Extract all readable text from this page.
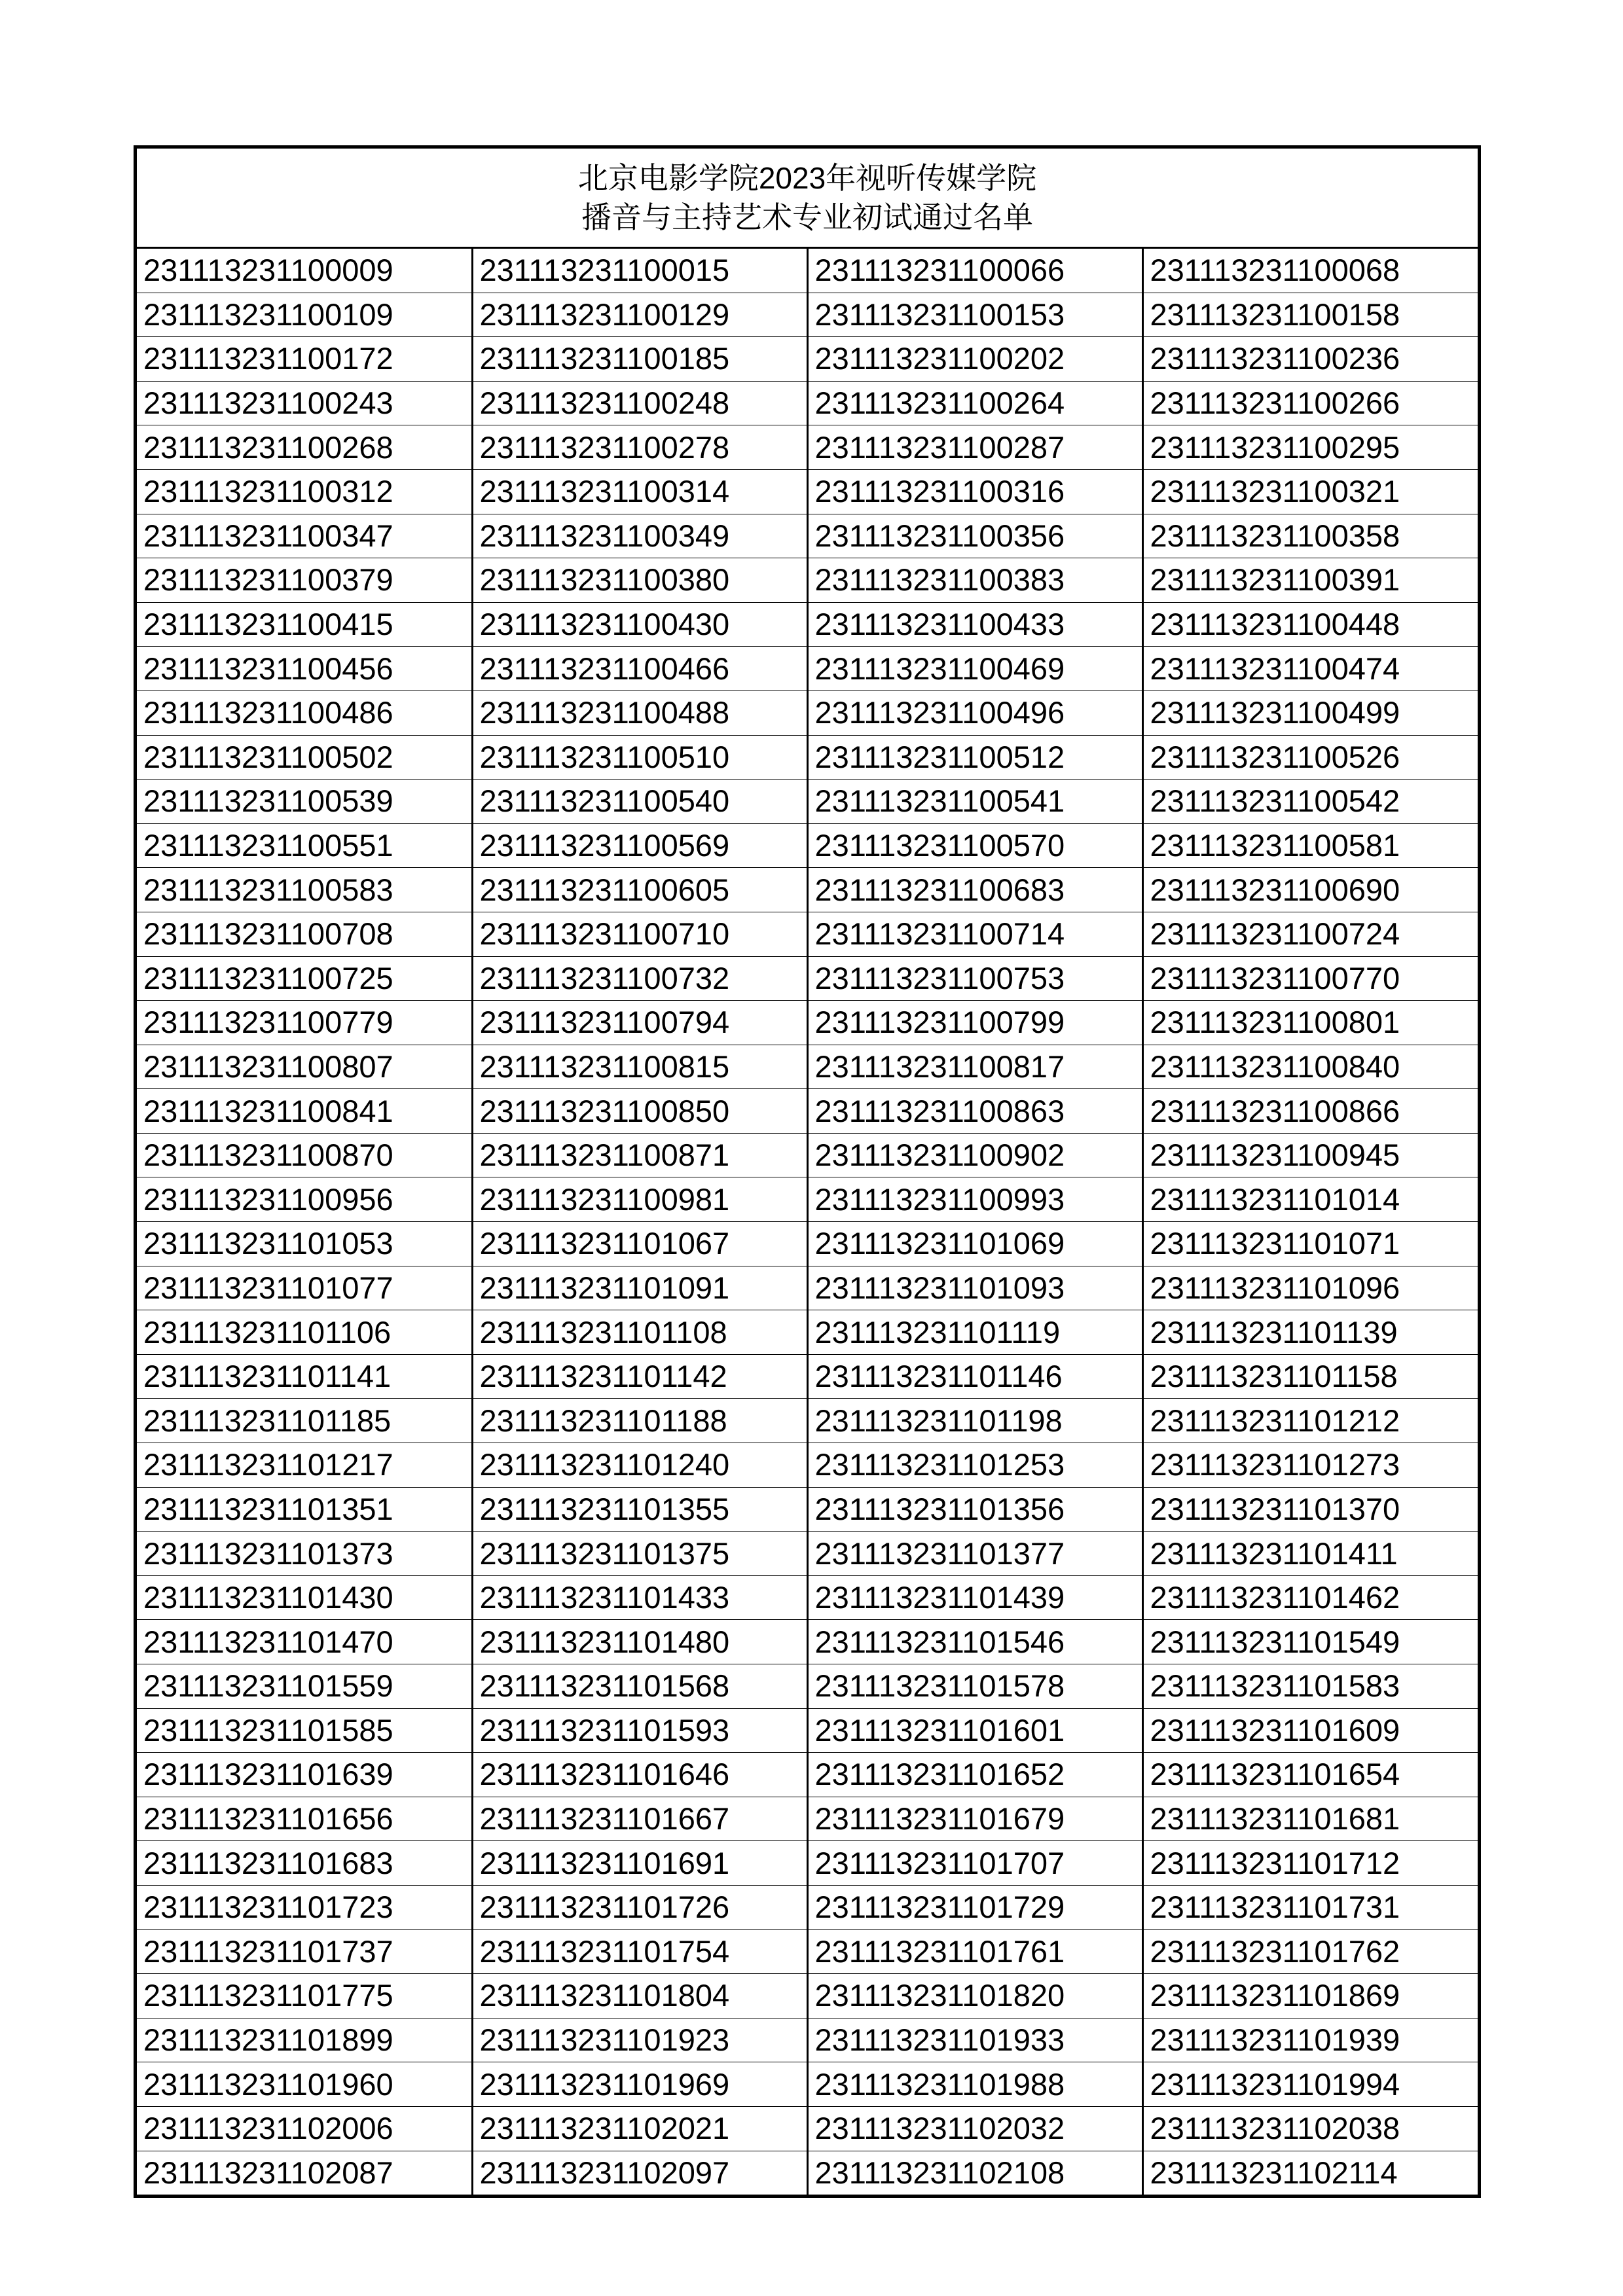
北京电影学院2023年视听传媒学院
播音与主持艺术专业初试通过名单
231113231100009	231113231100015	231113231100066	231113231100068
231113231100109	231113231100129	231113231100153	231113231100158
231113231100172	231113231100185	231113231100202	231113231100236
231113231100243	231113231100248	231113231100264	231113231100266
231113231100268	231113231100278	231113231100287	231113231100295
231113231100312	231113231100314	231113231100316	231113231100321
231113231100347	231113231100349	231113231100356	231113231100358
231113231100379	231113231100380	231113231100383	231113231100391
231113231100415	231113231100430	231113231100433	231113231100448
231113231100456	231113231100466	231113231100469	231113231100474
231113231100486	231113231100488	231113231100496	231113231100499
231113231100502	231113231100510	231113231100512	231113231100526
231113231100539	231113231100540	231113231100541	231113231100542
231113231100551	231113231100569	231113231100570	231113231100581
231113231100583	231113231100605	231113231100683	231113231100690
231113231100708	231113231100710	231113231100714	231113231100724
231113231100725	231113231100732	231113231100753	231113231100770
231113231100779	231113231100794	231113231100799	231113231100801
231113231100807	231113231100815	231113231100817	231113231100840
231113231100841	231113231100850	231113231100863	231113231100866
231113231100870	231113231100871	231113231100902	231113231100945
231113231100956	231113231100981	231113231100993	231113231101014
231113231101053	231113231101067	231113231101069	231113231101071
231113231101077	231113231101091	231113231101093	231113231101096
231113231101106	231113231101108	231113231101119	231113231101139
231113231101141	231113231101142	231113231101146	231113231101158
231113231101185	231113231101188	231113231101198	231113231101212
231113231101217	231113231101240	231113231101253	231113231101273
231113231101351	231113231101355	231113231101356	231113231101370
231113231101373	231113231101375	231113231101377	231113231101411
231113231101430	231113231101433	231113231101439	231113231101462
231113231101470	231113231101480	231113231101546	231113231101549
231113231101559	231113231101568	231113231101578	231113231101583
231113231101585	231113231101593	231113231101601	231113231101609
231113231101639	231113231101646	231113231101652	231113231101654
231113231101656	231113231101667	231113231101679	231113231101681
231113231101683	231113231101691	231113231101707	231113231101712
231113231101723	231113231101726	231113231101729	231113231101731
231113231101737	231113231101754	231113231101761	231113231101762
231113231101775	231113231101804	231113231101820	231113231101869
231113231101899	231113231101923	231113231101933	231113231101939
231113231101960	231113231101969	231113231101988	231113231101994
231113231102006	231113231102021	231113231102032	231113231102038
231113231102087	231113231102097	231113231102108	231113231102114
